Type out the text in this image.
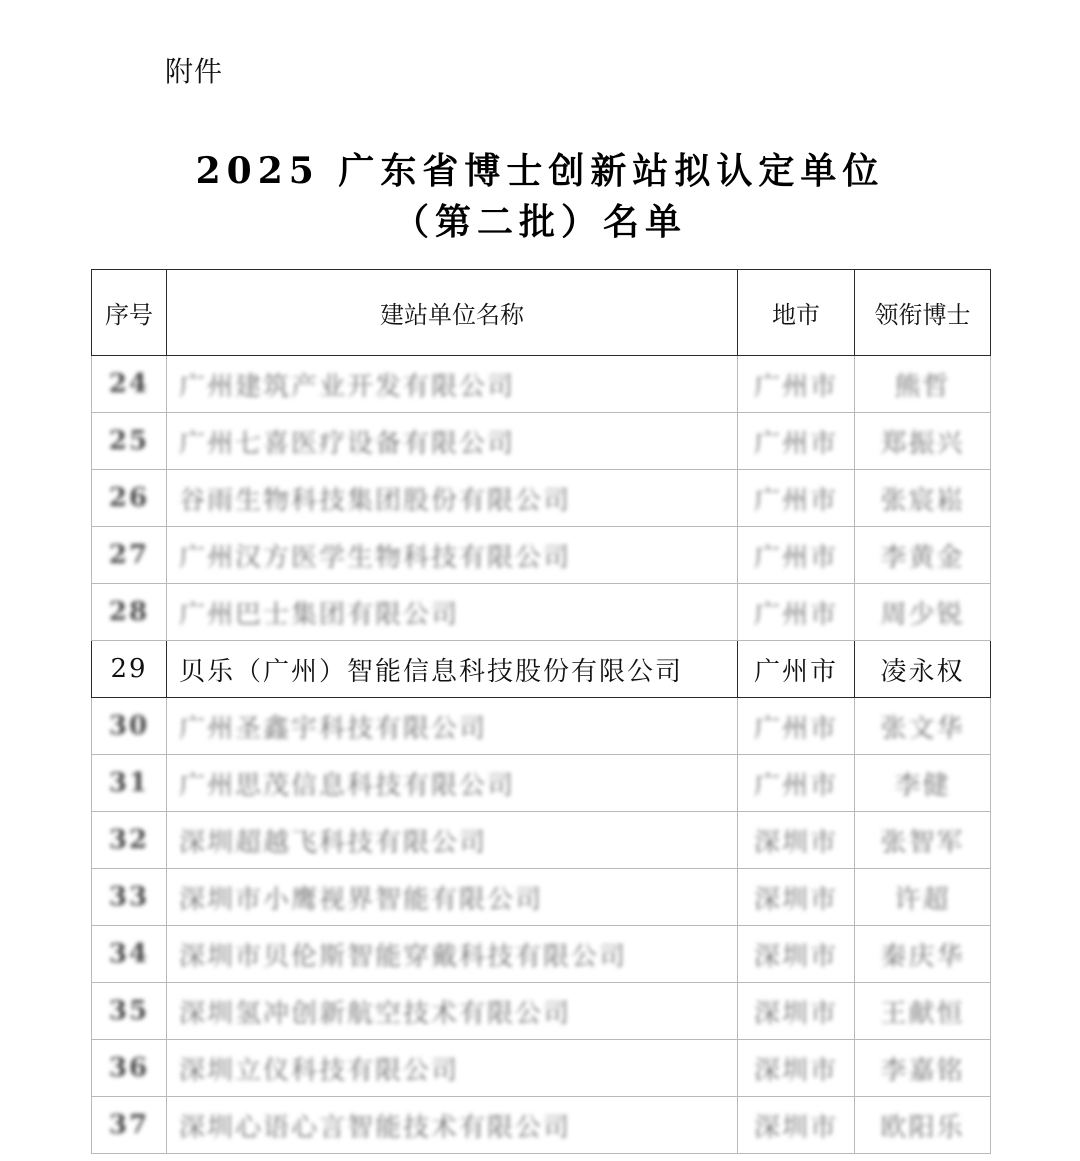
附件
2025 广东省博士创新站拟认定单位
（第二批）名单
序号	建站单位名称	地市	领衔博士
24	广州建筑产业开发有限公司	广州市	熊哲
25	广州七喜医疗设备有限公司	广州市	郑振兴
26	谷雨生物科技集团股份有限公司	广州市	张宸崧
27	广州汉方医学生物科技有限公司	广州市	李黄金
28	广州巴士集团有限公司	广州市	周少锐
29	贝乐（广州）智能信息科技股份有限公司	广州市	凌永权
30	广州圣鑫宇科技有限公司	广州市	张文华
31	广州思茂信息科技有限公司	广州市	李健
32	深圳超越飞科技有限公司	深圳市	张智军
33	深圳市小鹰视界智能有限公司	深圳市	许超
34	深圳市贝伦斯智能穿戴科技有限公司	深圳市	秦庆华
35	深圳氢冲创新航空技术有限公司	深圳市	王献恒
36	深圳立仪科技有限公司	深圳市	李嘉铭
37	深圳心语心言智能技术有限公司	深圳市	欧阳乐
